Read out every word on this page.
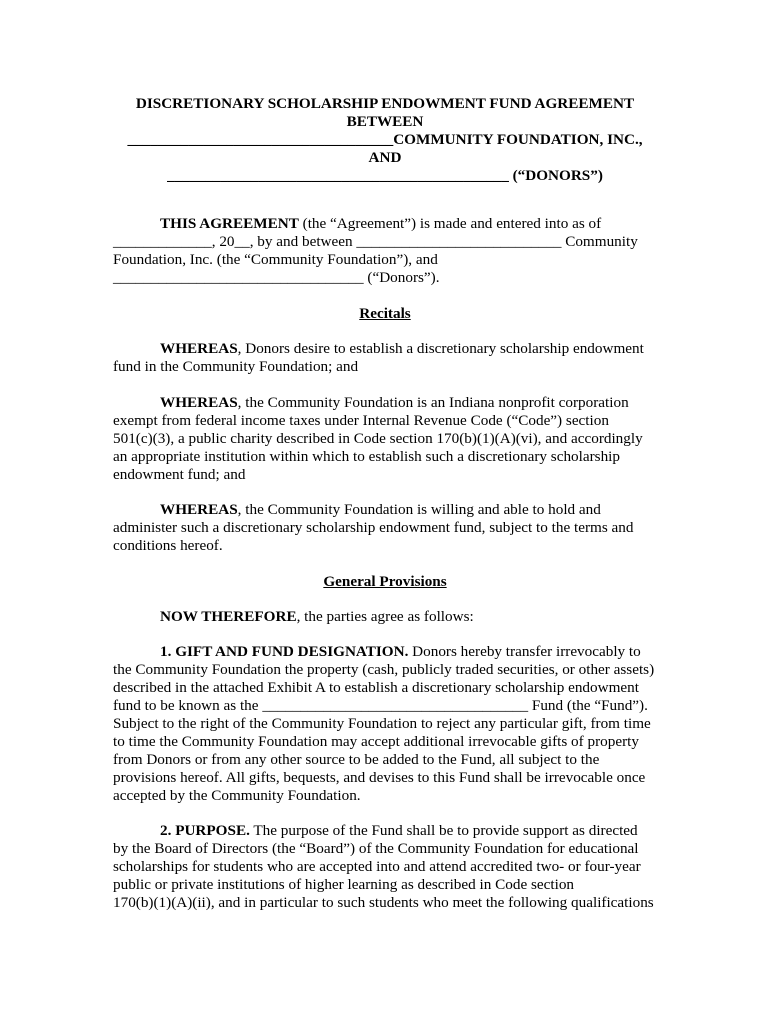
DISCRETIONARY SCHOLARSHIP ENDOWMENT FUND AGREEMENT
BETWEEN
___________________________________COMMUNITY FOUNDATION, INC.,
AND
_____________________________________________ (“DONORS”)
THIS AGREEMENT (the “Agreement”) is made and entered into as of
_____________, 20__, by and between ___________________________ Community
Foundation, Inc. (the “Community Foundation”), and
_________________________________ (“Donors”).
Recitals
WHEREAS, Donors desire to establish a discretionary scholarship endowment
fund in the Community Foundation; and
WHEREAS, the Community Foundation is an Indiana nonprofit corporation
exempt from federal income taxes under Internal Revenue Code (“Code”) section
501(c)(3), a public charity described in Code section 170(b)(1)(A)(vi), and accordingly
an appropriate institution within which to establish such a discretionary scholarship
endowment fund; and
WHEREAS, the Community Foundation is willing and able to hold and
administer such a discretionary scholarship endowment fund, subject to the terms and
conditions hereof.
General Provisions
NOW THEREFORE, the parties agree as follows:
1. GIFT AND FUND DESIGNATION. Donors hereby transfer irrevocably to
the Community Foundation the property (cash, publicly traded securities, or other assets)
described in the attached Exhibit A to establish a discretionary scholarship endowment
fund to be known as the ___________________________________ Fund (the “Fund”).
Subject to the right of the Community Foundation to reject any particular gift, from time
to time the Community Foundation may accept additional irrevocable gifts of property
from Donors or from any other source to be added to the Fund, all subject to the
provisions hereof. All gifts, bequests, and devises to this Fund shall be irrevocable once
accepted by the Community Foundation.
2. PURPOSE. The purpose of the Fund shall be to provide support as directed
by the Board of Directors (the “Board”) of the Community Foundation for educational
scholarships for students who are accepted into and attend accredited two- or four-year
public or private institutions of higher learning as described in Code section
170(b)(1)(A)(ii), and in particular to such students who meet the following qualifications
